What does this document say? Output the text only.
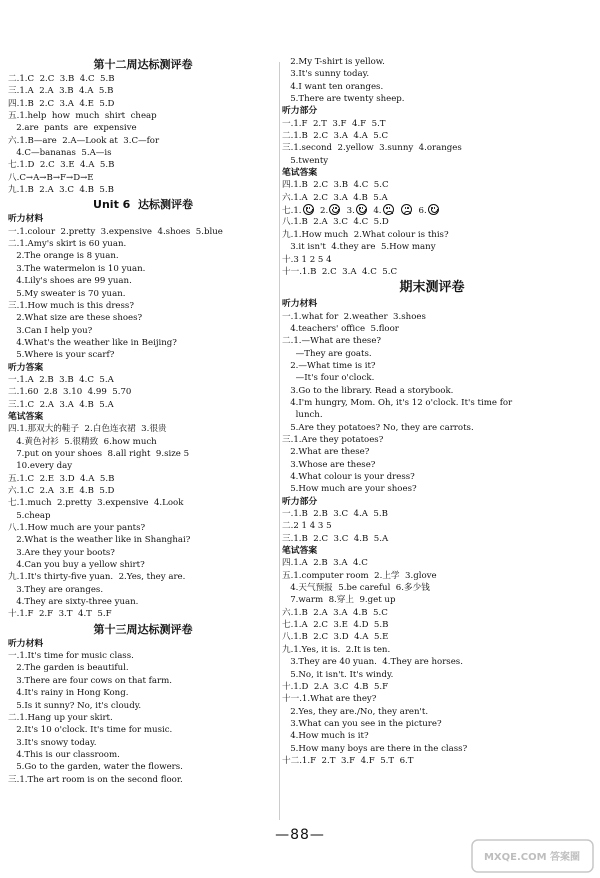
第十二周达标测评卷
二.1.C  2.C  3.B  4.C  5.B
三.1.A  2.A  3.B  4.A  5.B
四.1.B  2.C  3.A  4.E  5.D
五.1.help  how  much  shirt  cheap
2.are  pants  are  expensive
六.1.B—are  2.A—Look at  3.C—for
4.C—bananas  5.A—is
七.1.D  2.C  3.E  4.A  5.B
八.C→A→B→F→D→E
九.1.B  2.A  3.C  4.B  5.B
Unit 6  达标测评卷
听力材料
一.1.colour  2.pretty  3.expensive  4.shoes  5.blue
二.1.Amy's skirt is 60 yuan.
2.The orange is 8 yuan.
3.The watermelon is 10 yuan.
4.Lily's shoes are 99 yuan.
5.My sweater is 70 yuan.
三.1.How much is this dress?
2.What size are these shoes?
3.Can I help you?
4.What's the weather like in Beijing?
5.Where is your scarf?
听力答案
一.1.A  2.B  3.B  4.C  5.A
二.1.60  2.8  3.10  4.99  5.70
三.1.C  2.A  3.A  4.B  5.A
笔试答案
四.1.那双大的鞋子  2.白色连衣裙  3.很贵
4.黄色衬衫  5.很精致  6.how much
7.put on your shoes  8.all right  9.size 5
10.every day
五.1.C  2.E  3.D  4.A  5.B
六.1.C  2.A  3.E  4.B  5.D
七.1.much  2.pretty  3.expensive  4.Look
5.cheap
八.1.How much are your pants?
2.What is the weather like in Shanghai?
3.Are they your boots?
4.Can you buy a yellow shirt?
九.1.It's thirty-five yuan.  2.Yes, they are.
3.They are oranges.
4.They are sixty-three yuan.
十.1.F  2.F  3.T  4.T  5.F
第十三周达标测评卷
听力材料
一.1.It's time for music class.
2.The garden is beautiful.
3.There are four cows on that farm.
4.It's rainy in Hong Kong.
5.Is it sunny? No, it's cloudy.
二.1.Hang up your skirt.
2.It's 10 o'clock. It's time for music.
3.It's snowy today.
4.This is our classroom.
5.Go to the garden, water the flowers.
三.1.The art room is on the second floor.
2.My T-shirt is yellow.
3.It's sunny today.
4.I want ten oranges.
5.There are twenty sheep.
听力部分
一.1.F  2.T  3.F  4.F  5.T
二.1.B  2.C  3.A  4.A  5.C
三.1.second  2.yellow  3.sunny  4.oranges
5.twenty
笔试答案
四.1.B  2.C  3.B  4.C  5.C
六.1.A  2.C  3.A  4.B  5.A
七.1. 2. 3. 4.
	6.

八.1.B  2.A  3.C  4.C  5.D
九.1.How much  2.What colour is this?
3.it isn't  4.they are  5.How many
十.3 1 2 5 4
十一.1.B  2.C  3.A  4.C  5.C
期末测评卷
听力材料
一.1.what for  2.weather  3.shoes
4.teachers' office  5.floor
二.1.—What are these?
—They are goats.
2.—What time is it?
—It's four o'clock.
3.Go to the library. Read a storybook.
4.I'm hungry, Mom. Oh, it's 12 o'clock. It's time for
lunch.
5.Are they potatoes? No, they are carrots.
三.1.Are they potatoes?
2.What are these?
3.Whose are these?
4.What colour is your dress?
5.How much are your shoes?
听力部分
一.1.B  2.B  3.C  4.A  5.B
二.2 1 4 3 5
三.1.B  2.C  3.C  4.B  5.A
笔试答案
四.1.A  2.B  3.A  4.C
五.1.computer room  2.上学  3.glove
4.天气预报  5.be careful  6.多少钱
7.warm  8.穿上  9.get up
六.1.B  2.A  3.A  4.B  5.C
七.1.A  2.C  3.E  4.D  5.B
八.1.B  2.C  3.D  4.A  5.E
九.1.Yes, it is.  2.It is ten.
3.They are 40 yuan.  4.They are horses.
5.No, it isn't. It's windy.
十.1.D  2.A  3.C  4.B  5.F
十一.1.What are they?
2.Yes, they are./No, they aren't.
3.What can you see in the picture?
4.How much is it?
5.How many boys are there in the class?
十二.1.F  2.T  3.F  4.F  5.T  6.T
—88—
MXQE.COM 答案圈
